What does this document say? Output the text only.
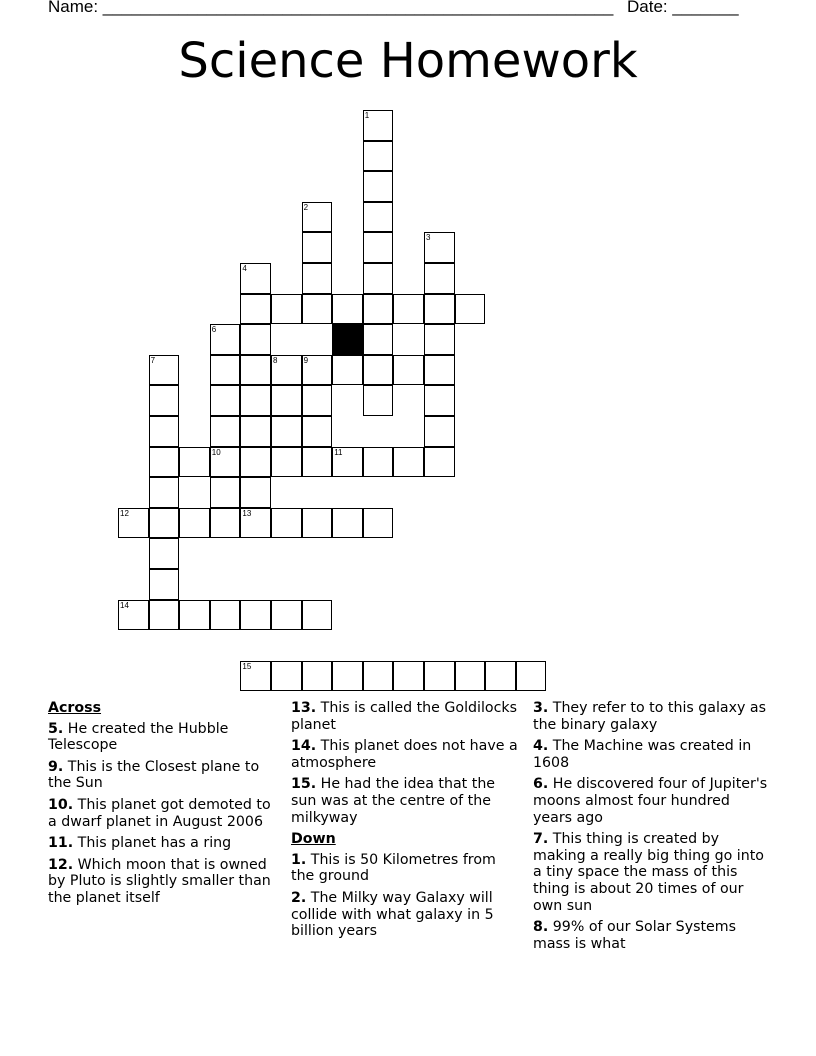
Name: ______________________________________________________ Date: _______
Science Homework
1
2
3
4
7
6
8	9
10	11
12	13
14
15
Across
5. He created the Hubble Telescope
9. This is the Closest plane to the Sun
10. This planet got demoted to a dwarf planet in August 2006
11. This planet has a ring
12. Which moon that is owned by Pluto is slightly smaller than the planet itself
13. This is called the Goldilocks planet
14. This planet does not have a atmosphere
15. He had the idea that the sun was at the centre of the milkyway
Down
1. This is 50 Kilometres from the ground
2. The Milky way Galaxy will collide with what galaxy in 5 billion years
3. They refer to to this galaxy as the binary galaxy
4. The Machine was created in 1608
6. He discovered four of Jupiter's moons almost four hundred years ago
7. This thing is created by making a really big thing go into a tiny space the mass of this thing is about 20 times of our own sun
8. 99% of our Solar Systems mass is what
